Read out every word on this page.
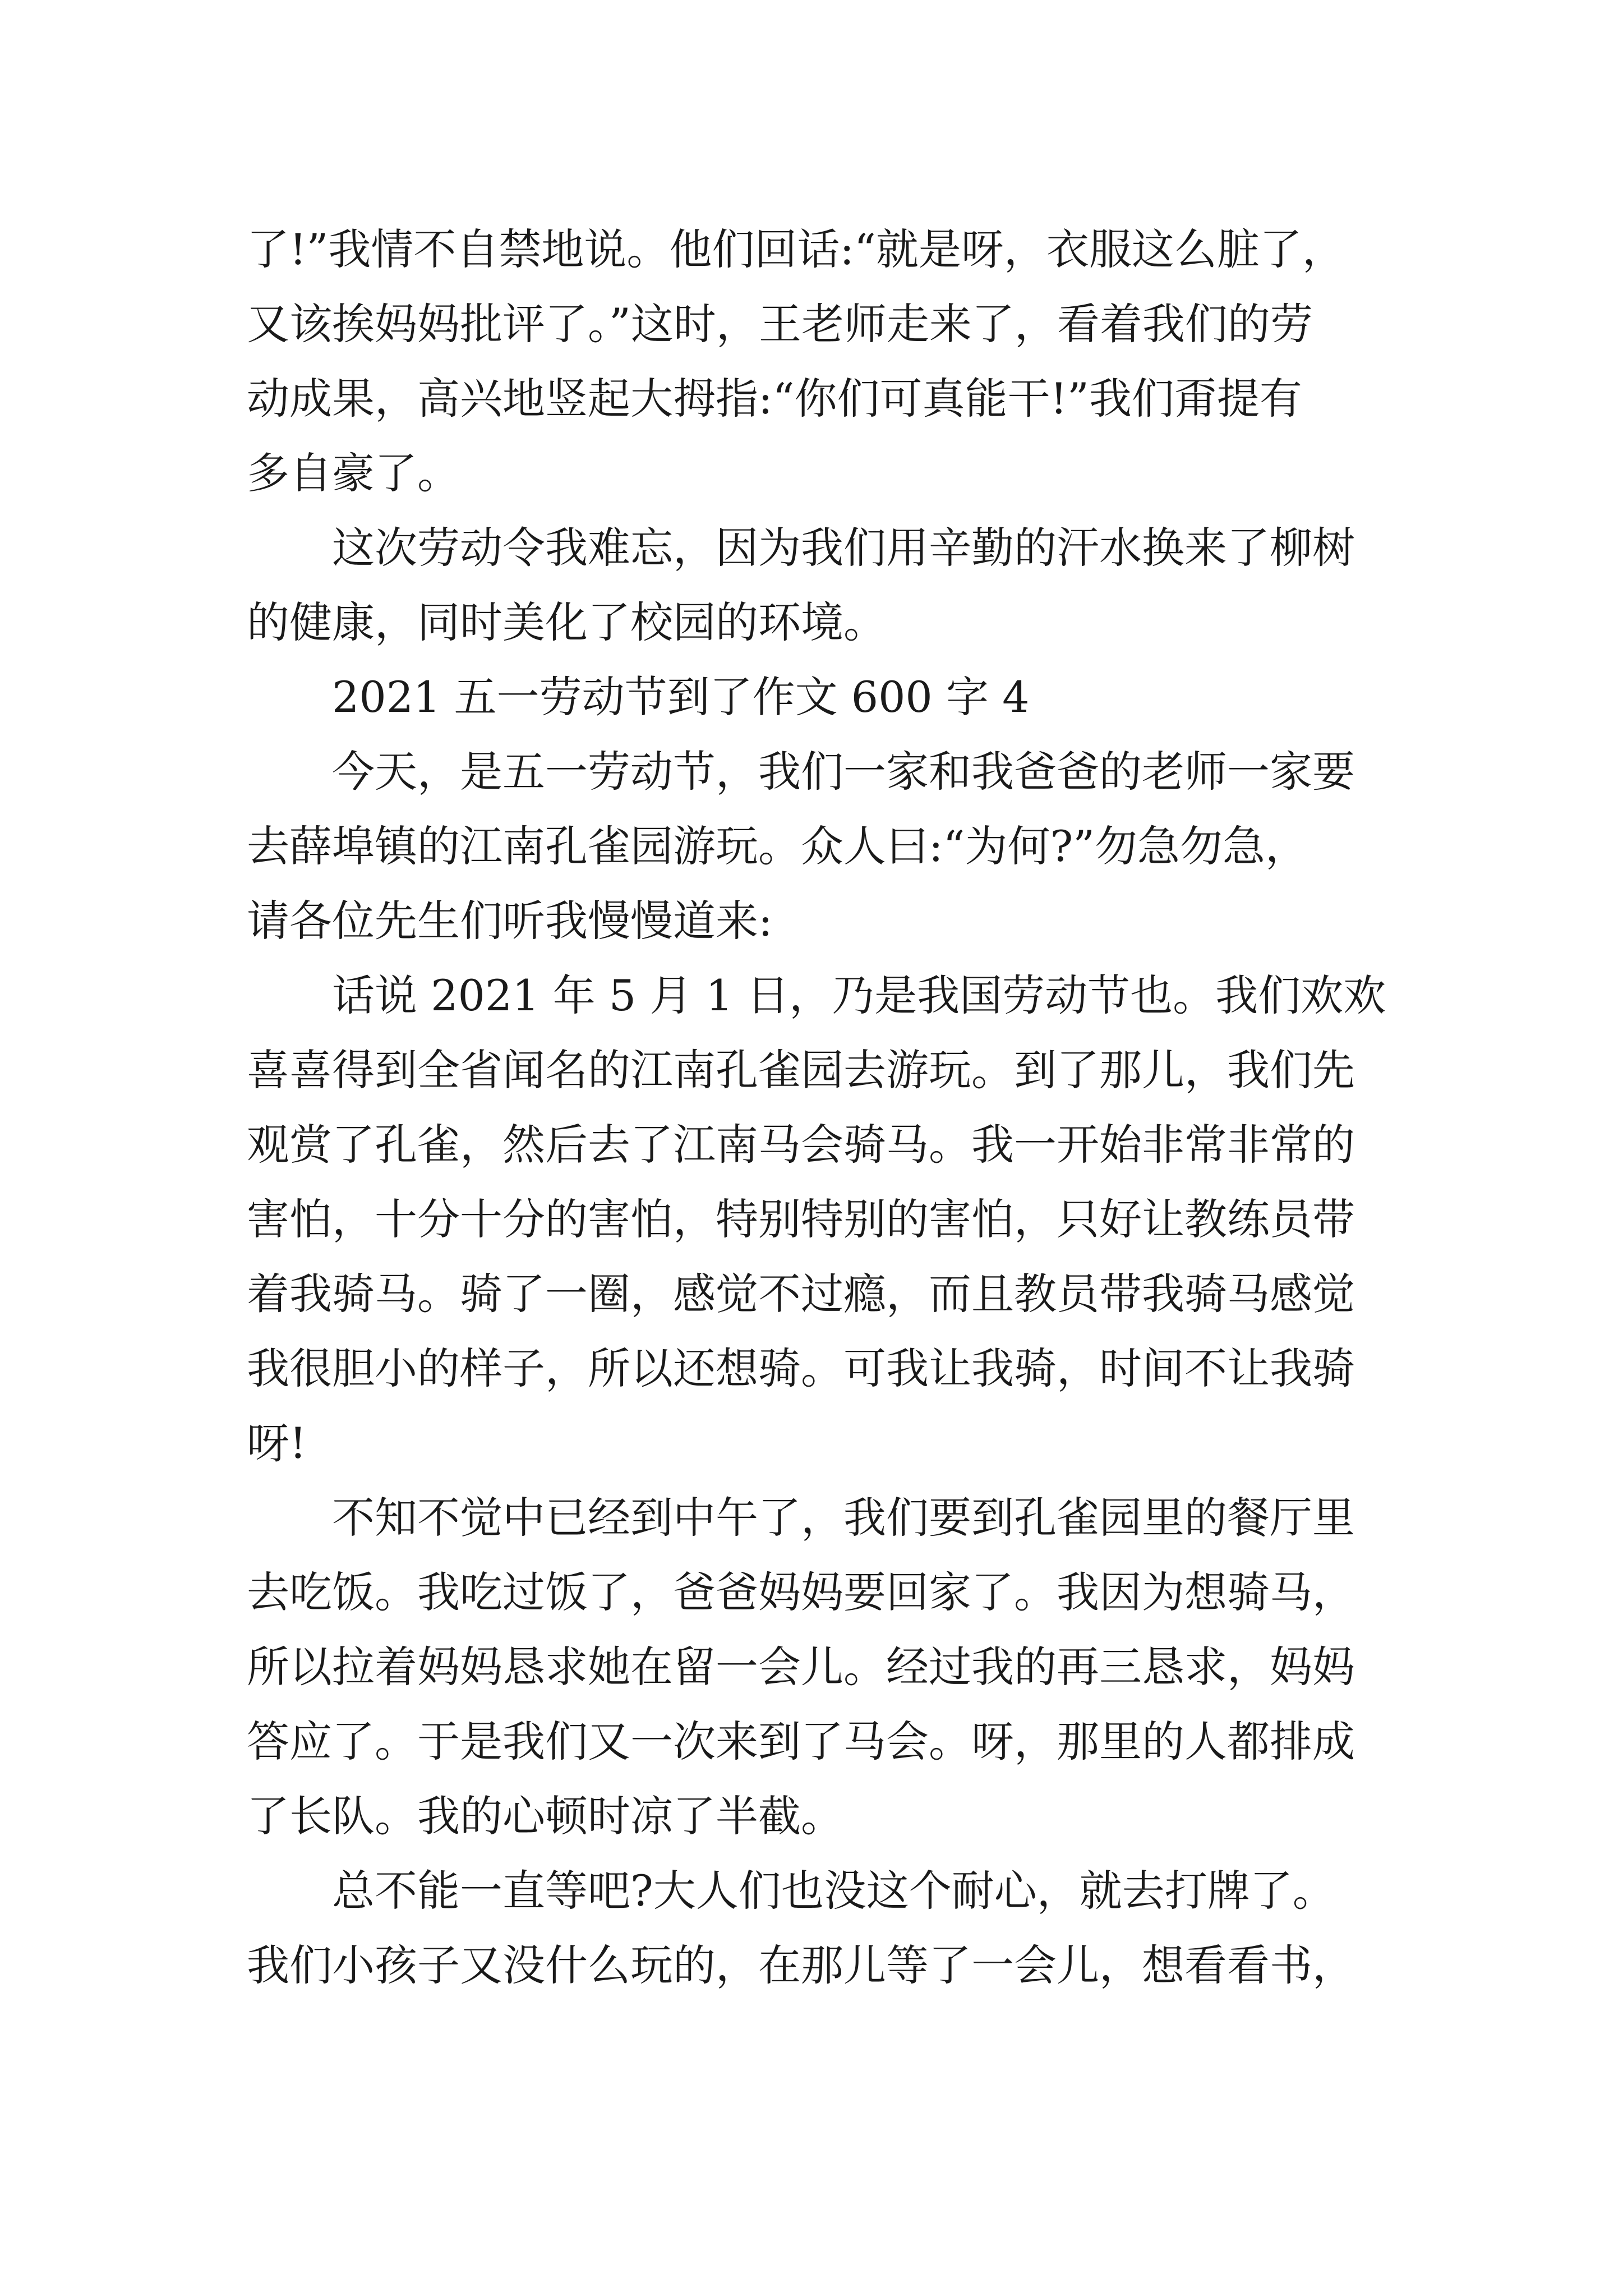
了!”我情不自禁地说。他们回话:“就是呀，衣服这么脏了，
又该挨妈妈批评了。”这时，王老师走来了，看着我们的劳
动成果，高兴地竖起大拇指:“你们可真能干!”我们甭提有
多自豪了。
这次劳动令我难忘，因为我们用辛勤的汗水换来了柳树
的健康，同时美化了校园的环境。
2021 五一劳动节到了作文 600 字 4
今天，是五一劳动节，我们一家和我爸爸的老师一家要
去薛埠镇的江南孔雀园游玩。众人曰:“为何?”勿急勿急，
请各位先生们听我慢慢道来:
话说 2021 年 5 月 1 日，乃是我国劳动节也。我们欢欢
喜喜得到全省闻名的江南孔雀园去游玩。到了那儿，我们先
观赏了孔雀，然后去了江南马会骑马。我一开始非常非常的
害怕，十分十分的害怕，特别特别的害怕，只好让教练员带
着我骑马。骑了一圈，感觉不过瘾，而且教员带我骑马感觉
我很胆小的样子，所以还想骑。可我让我骑，时间不让我骑
呀!
不知不觉中已经到中午了，我们要到孔雀园里的餐厅里
去吃饭。我吃过饭了，爸爸妈妈要回家了。我因为想骑马，
所以拉着妈妈恳求她在留一会儿。经过我的再三恳求，妈妈
答应了。于是我们又一次来到了马会。呀，那里的人都排成
了长队。我的心顿时凉了半截。
总不能一直等吧?大人们也没这个耐心，就去打牌了。
我们小孩子又没什么玩的，在那儿等了一会儿，想看看书，
